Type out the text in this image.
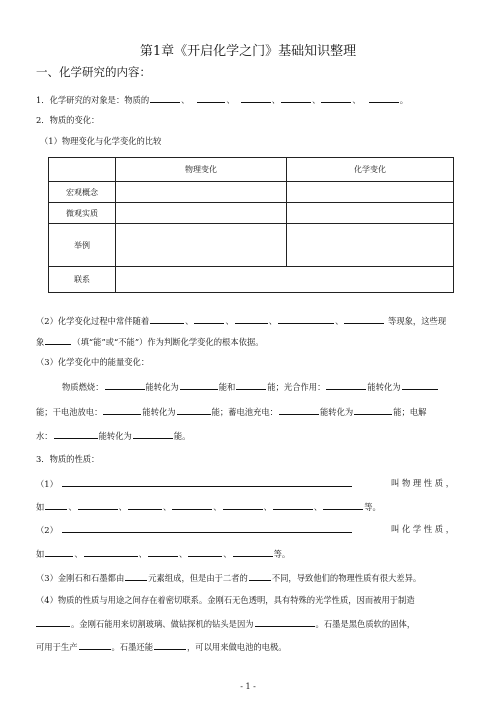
第1章《开启化学之门》基础知识整理
一、化学研究的内容：
1．化学研究的对象是：物质的	、	、	、	、	、	。
2．物质的变化：
（1）物理变化与化学变化的比较
	物理变化	化学变化
宏观概念		
微观实质		
举例		
联系		
（2）化学变化过程中常伴随着	、	、	、	、	等现象，这些现
象	（填“能”或“不能”）作为判断化学变化的根本依据。
（3）化学变化中的能量变化：
物质燃烧：	能转化为	能和	能；光合作用：	能转化为
能；干电池放电：	能转化为	能；蓄电池充电：	能转化为	能；电解
水：	能转化为	能。
3．物质的性质：
（1）	叫 物 理 性 质 ，
如	、	、	、	、	、	、	等。
（2）	叫 化 学 性 质 ，
如	、	、	、	、	等。
（3）金刚石和石墨都由	元素组成，但是由于二者的	不同，导致他们的物理性质有很大差异。
（4）物质的性质与用途之间存在着密切联系。金刚石无色透明，具有特殊的光学性质，因而被用于制造
。金刚石能用来切割玻璃、做钻探机的钻头是因为	。石墨是黑色质软的固体，
可用于生产	。石墨还能	，可以用来做电池的电极。
- 1 -
